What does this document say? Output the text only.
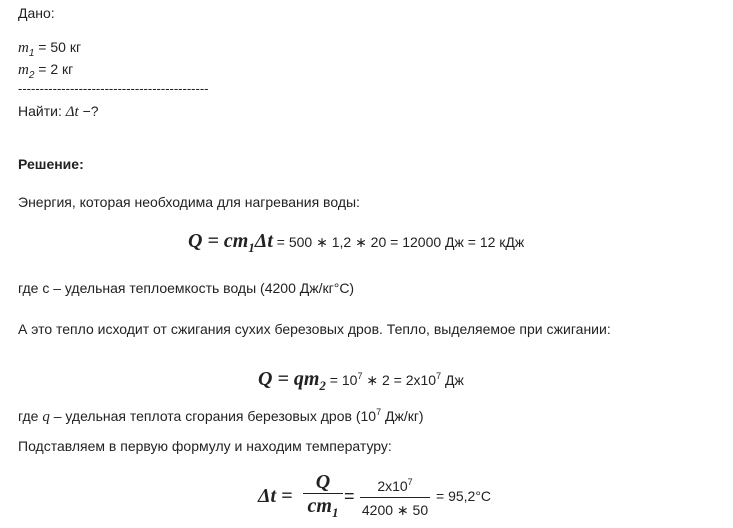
Дано:
$m_1 = 50$ кг
$m_2 = 2$ кг
--------------------------------------------
Найти: Δt −?
Решение:
Энергия, которая необходима для нагревания воды:
$Q = cm_1\Delta t = 500$ ∗ 1,2 ∗ 20 = 12000 Дж = 12 кДж
где с – удельная теплоемкость воды (4200 Дж/кг°С)
А это тепло исходит от сжигания сухих березовых дров. Тепло, выделяемое при сжигании:
$Q = qm_2 = 10^7$ ∗ 2 = 2x10$^7$ Дж
где q – удельная теплота сгорания березовых дров ($10^7$ Дж/кг)
Подставляем в первую формулу и находим температуру:
Δt =
Q
$cm_1$
=	$2x10^7$
4200 ∗ 50
= 95,2°С
